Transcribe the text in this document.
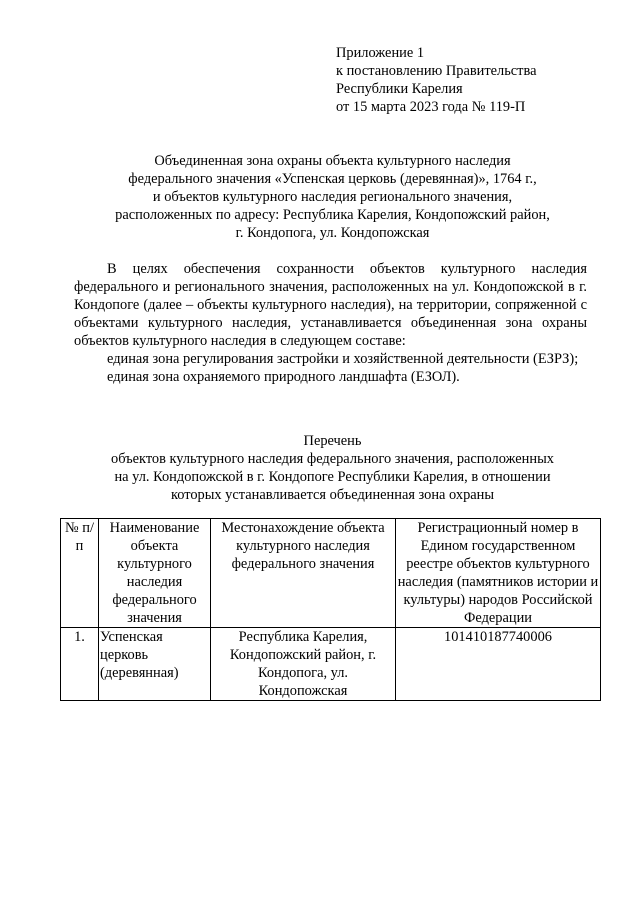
Приложение 1
к постановлению Правительства
Республики Карелия
от 15 марта 2023 года № 119-П
Объединенная зона охраны объекта культурного наследия
федерального значения «Успенская церковь (деревянная)», 1764 г.,
и объектов культурного наследия регионального значения,
расположенных по адресу: Республика Карелия, Кондопожский район,
г. Кондопога, ул. Кондопожская

В целях обеспечения сохранности объектов культурного наследия федерального и регионального значения, расположенных на ул. Кондопожской в г. Кондопоге (далее – объекты культурного наследия), на территории, сопряженной с объектами культурного наследия, устанавливается объединенная зона охраны объектов культурного наследия в следующем составе:

единая зона регулирования застройки и хозяйственной деятельности (ЕЗРЗ);

единая зона охраняемого природного ландшафта (ЕЗОЛ).

Перечень
объектов культурного наследия федерального значения, расположенных
на ул. Кондопожской в г. Кондопоге Республики Карелия, в отношении
которых устанавливается объединенная зона охраны
№ п/п	Наименование объекта культурного наследия федерального значения	Местонахождение объекта культурного наследия федерального значения	Регистрационный номер в Едином государственном реестре объектов культурного наследия (памятников истории и культуры) народов Российской Федерации
1.	Успенская церковь (деревянная)	Республика Карелия, Кондопожский район, г. Кондопога, ул. Кондопожская	101410187740006
